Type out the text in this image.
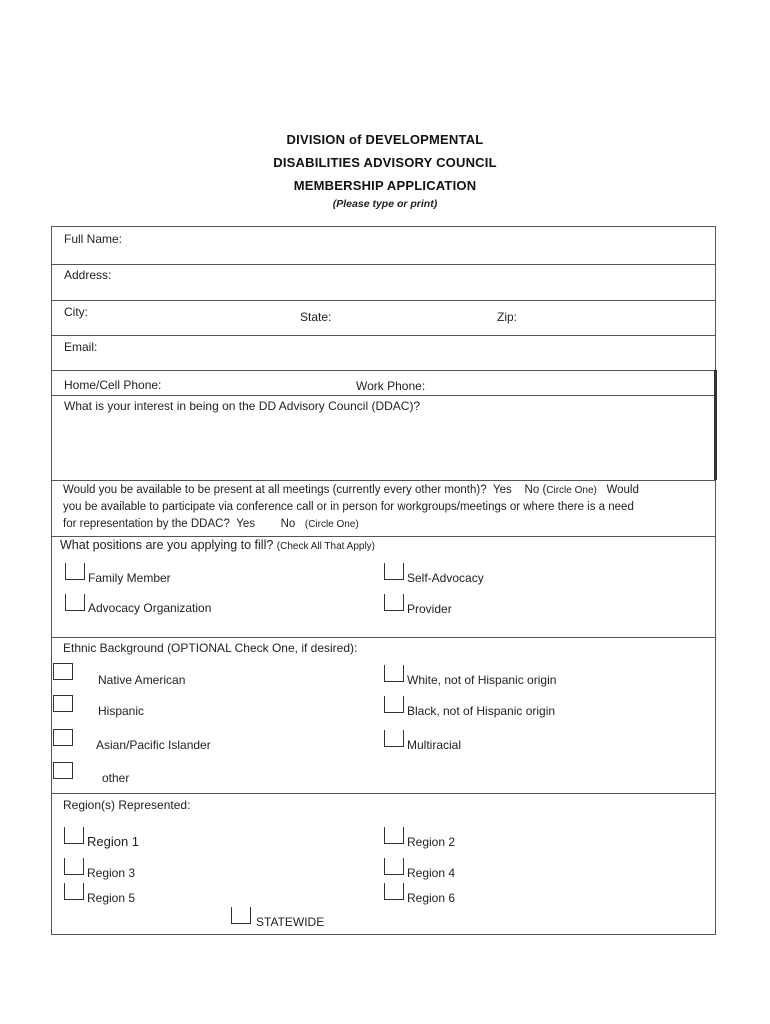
DIVISION of DEVELOPMENTAL
DISABILITIES ADVISORY COUNCIL
MEMBERSHIP APPLICATION
(Please type or print)
Full Name:
Address:
City:	State:	Zip:
Email:
Home/Cell Phone:	Work Phone:
What is your interest in being on the DD Advisory Council (DDAC)?
Would you be available to be present at all meetings (currently every other month)? Yes No (Circle One) Would
you be available to participate via conference call or in person for workgroups/meetings or where there is a need
for representation by the DDAC? Yes No (Circle One)
What positions are you applying to fill? (Check All That Apply)
Family Member	Self-Advocacy
Advocacy Organization	Provider
Ethnic Background (OPTIONAL Check One, if desired):
Native American	White, not of Hispanic origin
Hispanic	Black, not of Hispanic origin
Asian/Pacific Islander	Multiracial
other
Region(s) Represented:
Region 1	Region 2
Region 3	Region 4
Region 5	Region 6
STATEWIDE
